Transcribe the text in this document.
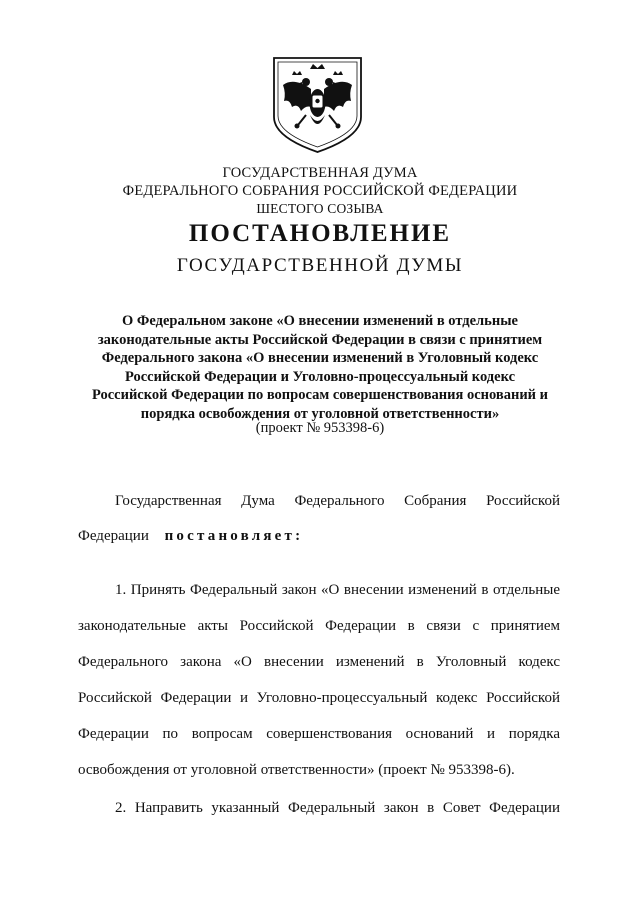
ГОСУДАРСТВЕННАЯ ДУМА
ФЕДЕРАЛЬНОГО СОБРАНИЯ РОССИЙСКОЙ ФЕДЕРАЦИИ
ШЕСТОГО СОЗЫВА
ПОСТАНОВЛЕНИЕ
ГОСУДАРСТВЕННОЙ ДУМЫ
О Федеральном законе «О внесении изменений в отдельные
законодательные акты Российской Федерации в связи с принятием
Федерального закона «О внесении изменений в Уголовный кодекс
Российской Федерации и Уголовно-процессуальный кодекс
Российской Федерации по вопросам совершенствования оснований и
порядка освобождения от уголовной ответственности»
(проект № 953398-6)
Государственная Дума Федерального Собрания Российской
Федерации постановляет:
1. Принять Федеральный закон «О внесении изменений в отдельные
законодательные акты Российской Федерации в связи с принятием
Федерального закона «О внесении изменений в Уголовный кодекс
Российской Федерации и Уголовно-процессуальный кодекс Российской
Федерации по вопросам совершенствования оснований и порядка
освобождения от уголовной ответственности» (проект № 953398-6).
2. Направить указанный Федеральный закон в Совет Федерации
